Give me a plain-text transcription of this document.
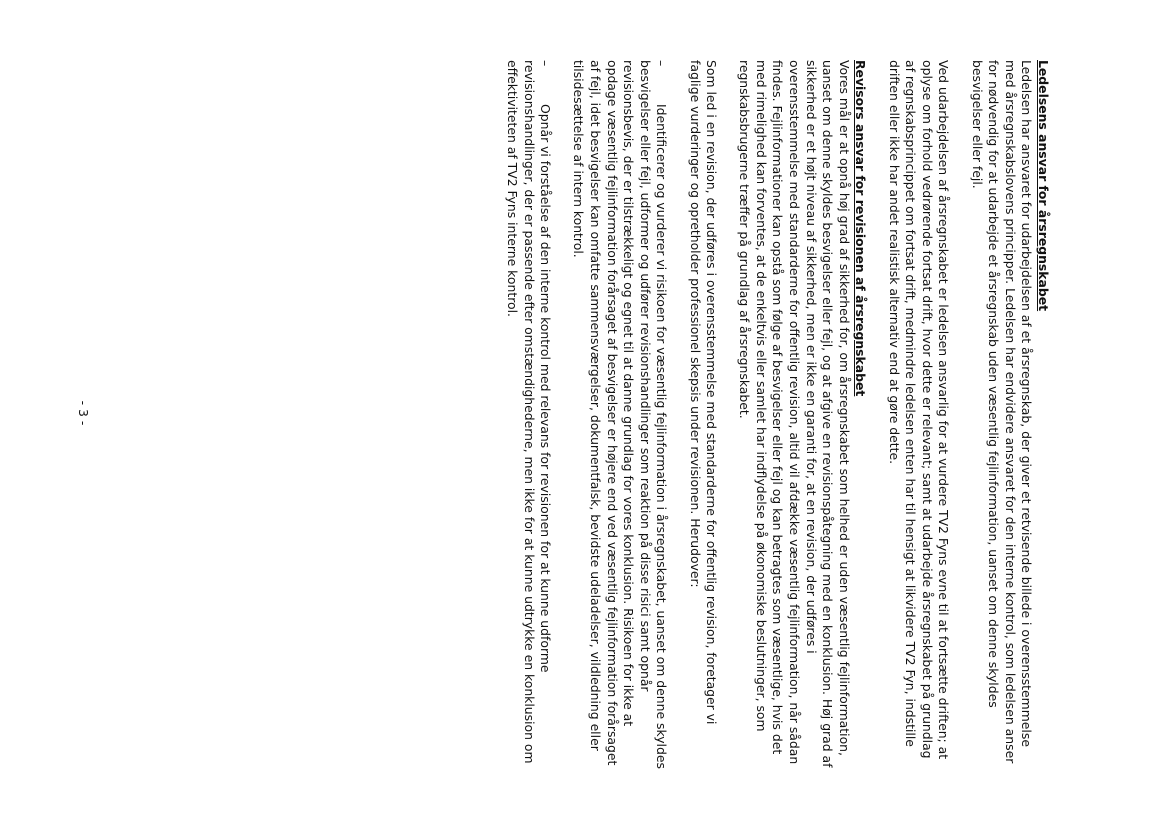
Ledelsens ansvar for årsregnskabet
Ledelsen har ansvaret for udarbejdelsen af et årsregnskab, der giver et retvisende billede i overensstemmelse med årsregnskabslovens principper. Ledelsen har endvidere ansvaret for den interne kontrol, som ledelsen anser for nødvendig for at udarbejde et årsregnskab uden væsentlig fejlinformation, uanset om denne skyldes besvigelser eller fejl.

Ved udarbejdelsen af årsregnskabet er ledelsen ansvarlig for at vurdere TV2 Fyns evne til at fortsætte driften; at oplyse om forhold vedrørende fortsat drift, hvor dette er relevant; samt at udarbejde årsregnskabet på grundlag af regnskabsprincippet om fortsat drift, medmindre ledelsen enten har til hensigt at likvidere TV2 Fyn, indstille driften eller ikke har andet realistisk alternativ end at gøre dette.

Revisors ansvar for revisionen af årsregnskabet
Vores mål er at opnå høj grad af sikkerhed for, om årsregnskabet som helhed er uden væsentlig fejlinformation, uanset om denne skyldes besvigelser eller fejl, og at afgive en revisionspåtegning med en konklusion. Høj grad af sikkerhed er et højt niveau af sikkerhed, men er ikke en garanti for, at en revision, der udføres i overensstemmelse med standarderne for offentlig revision, altid vil afdække væsentlig fejlinformation, når sådan findes. Fejlinformationer kan opstå som følge af besvigelser eller fejl og kan betragtes som væsentlige, hvis det med rimelighed kan forventes, at de enkeltvis eller samlet har indflydelse på økonomiske beslutninger, som regnskabsbrugerne træffer på grundlag af årsregnskabet.

Som led i en revision, der udføres i overensstemmelse med standarderne for offentlig revision, foretager vi faglige vurderinger og opretholder professionel skepsis under revisionen. Herudover:

–Identificerer og vurderer vi risikoen for væsentlig fejlinformation i årsregnskabet, uanset om denne skyldes besvigelser eller fejl, udformer og udfører revisionshandlinger som reaktion på disse risici samt opnår revisionsbevis, der er tilstrækkeligt og egnet til at danne grundlag for vores konklusion. Risikoen for ikke at opdage væsentlig fejlinformation forårsaget af besvigelser er højere end ved væsentlig fejlinformation forårsaget af fejl, idet besvigelser kan omfatte sammensværgelser, dokumentfalsk, bevidste udeladelser, vildledning eller tilsidesættelse af intern kontrol.

–Opnår vi forståelse af den interne kontrol med relevans for revisionen for at kunne udforme revisionshandlinger, der er passende efter omstændighederne, men ikke for at kunne udtrykke en konklusion om effektiviteten af TV2 Fyns interne kontrol.

- 3 -
